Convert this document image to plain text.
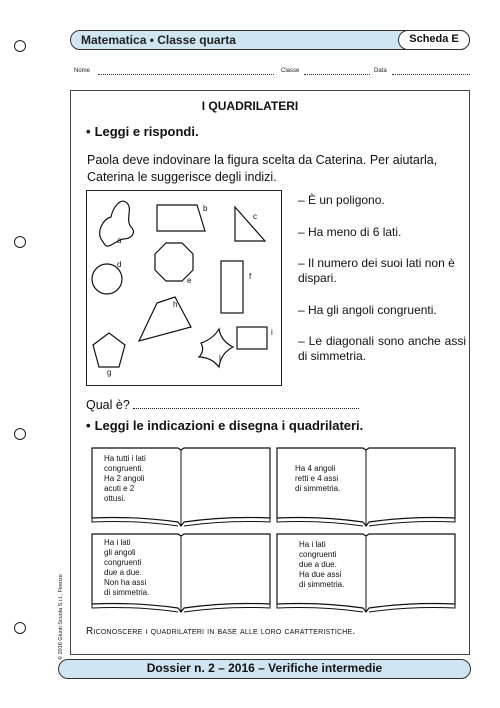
Matematica • Classe quarta	Scheda E
Nome	Classe	Data
I QUADRILATERI
• Leggi e rispondi.
Paola deve indovinare la figura scelta da Caterina. Per aiutarla, Caterina le suggerisce degli indizi.
a
b
c
d
e	f
h
i
g
l
– È un poligono.
– Ha meno di 6 lati.
– Il numero dei suoi lati non è dispari.
– Ha gli angoli congruenti.
– Le diagonali sono anche assi di simmetria.
Qual è?
• Leggi le indicazioni e disegna i quadrilateri.
Ha tutti i lati
congruenti.
Ha 2 angoli
acuti e 2
ottusi.
Ha 4 angoli
retti e 4 assi
di simmetria.
Ha i lati
gli angoli
congruenti
due a due.
Non ha assi
di simmetria.
Ha i lati
congruenti
due a due.
Ha due assi
di simmetria.
Riconoscere i quadrilateri in base alle loro caratteristiche.
© 2016 Giunti Scuola S.r.l., Firenze
Dossier n. 2 – 2016 – Verifiche intermedie
